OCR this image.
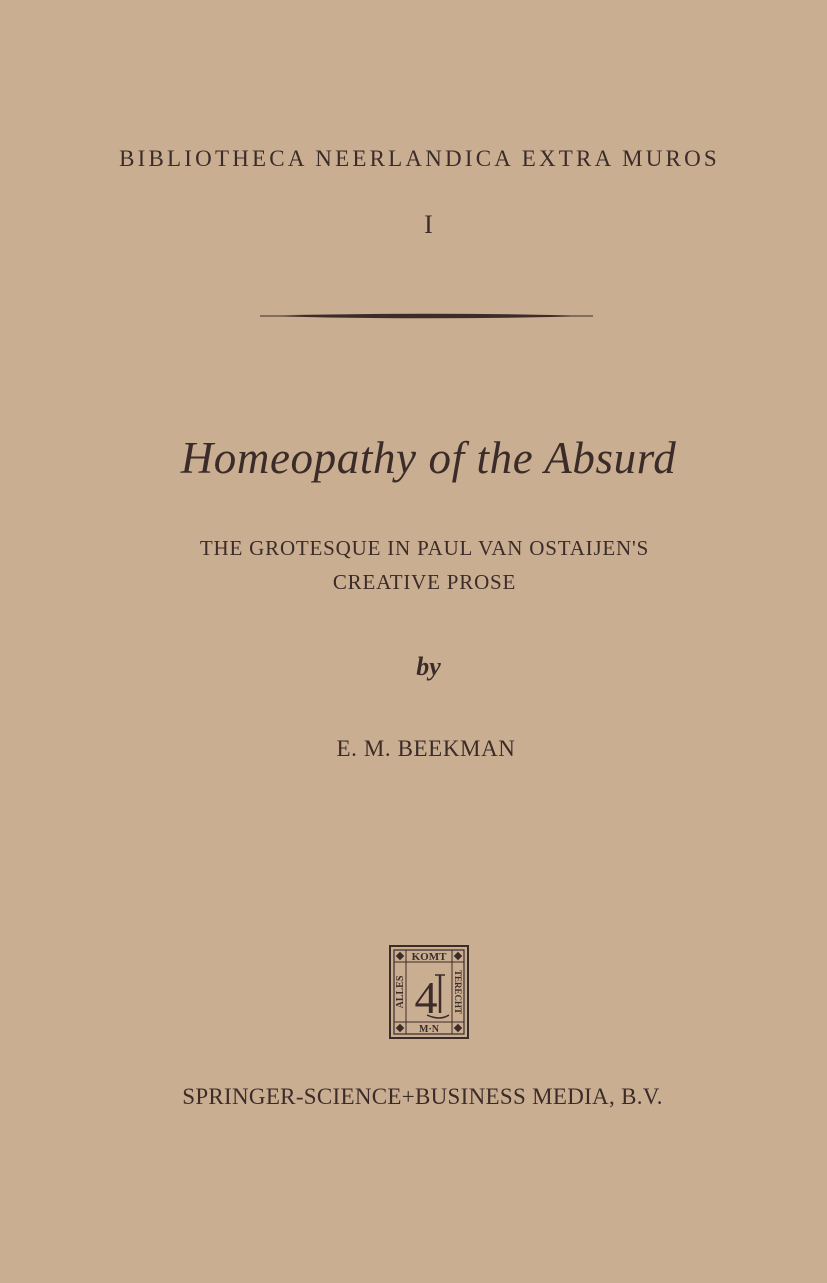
BIBLIOTHECA NEERLANDICA EXTRA MUROS
I
Homeopathy of the Absurd
THE GROTESQUE IN PAUL VAN OSTAIJEN'S
CREATIVE PROSE
by
E. M. BEEKMAN
KOMT
M·N
ALLES	TERECHT
4
SPRINGER-SCIENCE+BUSINESS MEDIA, B.V.
